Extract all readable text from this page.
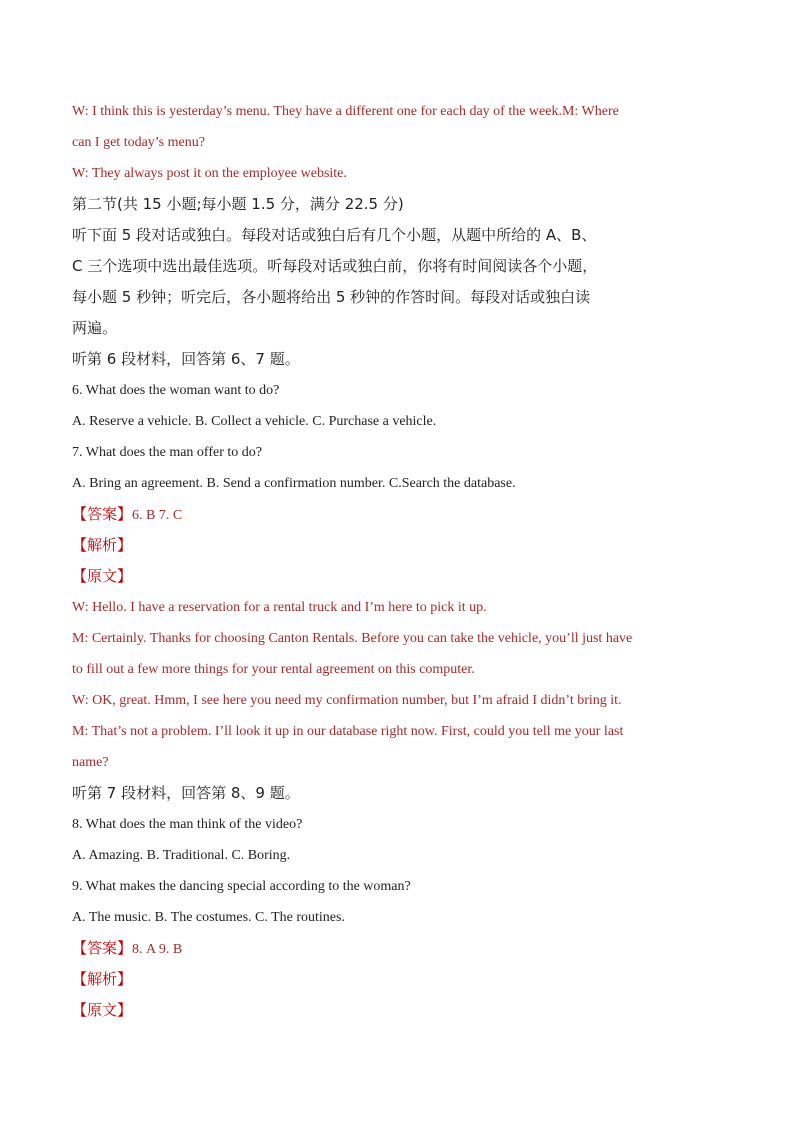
W: I think this is yesterday’s menu. They have a different one for each day of the week.M: Where
can I get today’s menu?
W: They always post it on the employee website.
第二节(共 15 小题;每小题 1.5 分，满分 22.5 分)
听下面 5 段对话或独白。每段对话或独白后有几个小题，从题中所给的 A、B、
C 三个选项中选出最佳选项。听每段对话或独白前，你将有时间阅读各个小题，
每小题 5 秒钟；听完后，各小题将给出 5 秒钟的作答时间。每段对话或独白读
两遍。
听第 6 段材料，回答第 6、7 题。
6. What does the woman want to do?
A. Reserve a vehicle. B. Collect a vehicle. C. Purchase a vehicle.
7. What does the man offer to do?
A. Bring an agreement. B. Send a confirmation number. C.Search the database.
【答案】6. B 7. C
【解析】
【原文】
W: Hello. I have a reservation for a rental truck and I’m here to pick it up.
M: Certainly. Thanks for choosing Canton Rentals. Before you can take the vehicle, you’ll just have
to fill out a few more things for your rental agreement on this computer.
W: OK, great. Hmm, I see here you need my confirmation number, but I’m afraid I didn’t bring it.
M: That’s not a problem. I’ll look it up in our database right now. First, could you tell me your last
name?
听第 7 段材料，回答第 8、9 题。
8. What does the man think of the video?
A. Amazing. B. Traditional. C. Boring.
9. What makes the dancing special according to the woman?
A. The music. B. The costumes. C. The routines.
【答案】8. A 9. B
【解析】
【原文】
